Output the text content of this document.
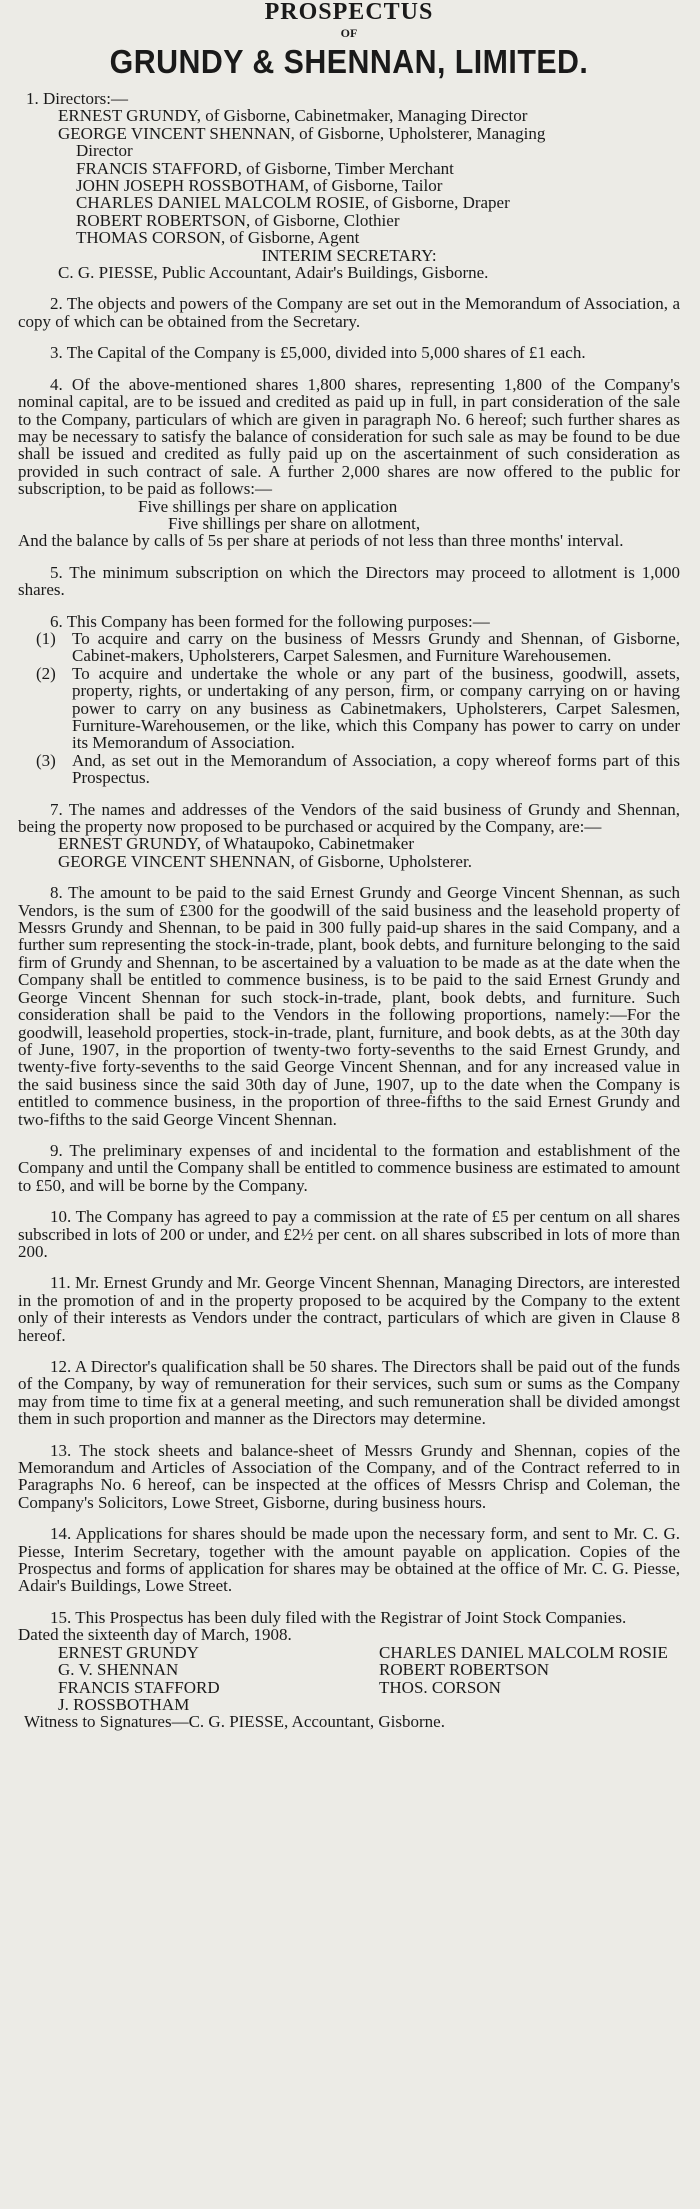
PROSPECTUS
OF
GRUNDY & SHENNAN, LIMITED.

1. Directors:—

ERNEST GRUNDY, of Gisborne, Cabinetmaker, Managing Director

GEORGE VINCENT SHENNAN, of Gisborne, Upholsterer, Managing

Director

FRANCIS STAFFORD, of Gisborne, Timber Merchant

JOHN JOSEPH ROSSBOTHAM, of Gisborne, Tailor

CHARLES DANIEL MALCOLM ROSIE, of Gisborne, Draper

ROBERT ROBERTSON, of Gisborne, Clothier

THOMAS CORSON, of Gisborne, Agent

INTERIM SECRETARY:

C. G. PIESSE, Public Accountant, Adair's Buildings, Gisborne.

2. The objects and powers of the Company are set out in the Memorandum of Association, a copy of which can be obtained from the Secretary.

3. The Capital of the Company is £5,000, divided into 5,000 shares of £1 each.

4. Of the above-mentioned shares 1,800 shares, representing 1,800 of the Company's nominal capital, are to be issued and credited as paid up in full, in part consideration of the sale to the Company, particulars of which are given in paragraph No. 6 hereof; such further shares as may be necessary to satisfy the balance of consideration for such sale as may be found to be due shall be issued and credited as fully paid up on the ascertainment of such consideration as provided in such contract of sale. A further 2,000 shares are now offered to the public for subscription, to be paid as follows:—

Five shillings per share on application

Five shillings per share on allotment,

And the balance by calls of 5s per share at periods of not less than three months' interval.

5. The minimum subscription on which the Directors may proceed to allotment is 1,000 shares.

6. This Company has been formed for the following purposes:—

(1) To acquire and carry on the business of Messrs Grundy and Shennan, of Gisborne, Cabinet-makers, Upholsterers, Carpet Salesmen, and Furniture Warehousemen.
(2) To acquire and undertake the whole or any part of the business, goodwill, assets, property, rights, or undertaking of any person, firm, or company carrying on or having power to carry on any business as Cabinetmakers, Upholsterers, Carpet Salesmen, Furniture-Warehousemen, or the like, which this Company has power to carry on under its Memorandum of Association.
(3) And, as set out in the Memorandum of Association, a copy whereof forms part of this Prospectus.

7. The names and addresses of the Vendors of the said business of Grundy and Shennan, being the property now proposed to be purchased or acquired by the Company, are:—

ERNEST GRUNDY, of Whataupoko, Cabinetmaker

GEORGE VINCENT SHENNAN, of Gisborne, Upholsterer.

8. The amount to be paid to the said Ernest Grundy and George Vincent Shennan, as such Vendors, is the sum of £300 for the goodwill of the said business and the leasehold property of Messrs Grundy and Shennan, to be paid in 300 fully paid-up shares in the said Company, and a further sum representing the stock-in-trade, plant, book debts, and furniture belonging to the said firm of Grundy and Shennan, to be ascertained by a valuation to be made as at the date when the Company shall be entitled to commence business, is to be paid to the said Ernest Grundy and George Vincent Shennan for such stock-in-trade, plant, book debts, and furniture. Such consideration shall be paid to the Vendors in the following proportions, namely:—For the goodwill, leasehold properties, stock-in-trade, plant, furniture, and book debts, as at the 30th day of June, 1907, in the proportion of twenty-two forty-sevenths to the said Ernest Grundy, and twenty-five forty-sevenths to the said George Vincent Shennan, and for any increased value in the said business since the said 30th day of June, 1907, up to the date when the Company is entitled to commence business, in the proportion of three-fifths to the said Ernest Grundy and two-fifths to the said George Vincent Shennan.

9. The preliminary expenses of and incidental to the formation and establishment of the Company and until the Company shall be entitled to commence business are estimated to amount to £50, and will be borne by the Company.

10. The Company has agreed to pay a commission at the rate of £5 per centum on all shares subscribed in lots of 200 or under, and £2½ per cent. on all shares subscribed in lots of more than 200.

11. Mr. Ernest Grundy and Mr. George Vincent Shennan, Managing Directors, are interested in the promotion of and in the property proposed to be acquired by the Company to the extent only of their interests as Vendors under the contract, particulars of which are given in Clause 8 hereof.

12. A Director's qualification shall be 50 shares. The Directors shall be paid out of the funds of the Company, by way of remuneration for their services, such sum or sums as the Company may from time to time fix at a general meeting, and such remuneration shall be divided amongst them in such proportion and manner as the Directors may determine.

13. The stock sheets and balance-sheet of Messrs Grundy and Shennan, copies of the Memorandum and Articles of Association of the Company, and of the Contract referred to in Paragraphs No. 6 hereof, can be inspected at the offices of Messrs Chrisp and Coleman, the Company's Solicitors, Lowe Street, Gisborne, during business hours.

14. Applications for shares should be made upon the necessary form, and sent to Mr. C. G. Piesse, Interim Secretary, together with the amount payable on application. Copies of the Prospectus and forms of application for shares may be obtained at the office of Mr. C. G. Piesse, Adair's Buildings, Lowe Street.

15. This Prospectus has been duly filed with the Registrar of Joint Stock Companies.

Dated the sixteenth day of March, 1908.

ERNEST GRUNDY	CHARLES DANIEL MALCOLM ROSIE
G. V. SHENNAN	ROBERT ROBERTSON
FRANCIS STAFFORD	THOS. CORSON
J. ROSSBOTHAM

Witness to Signatures—C. G. PIESSE, Accountant, Gisborne.
